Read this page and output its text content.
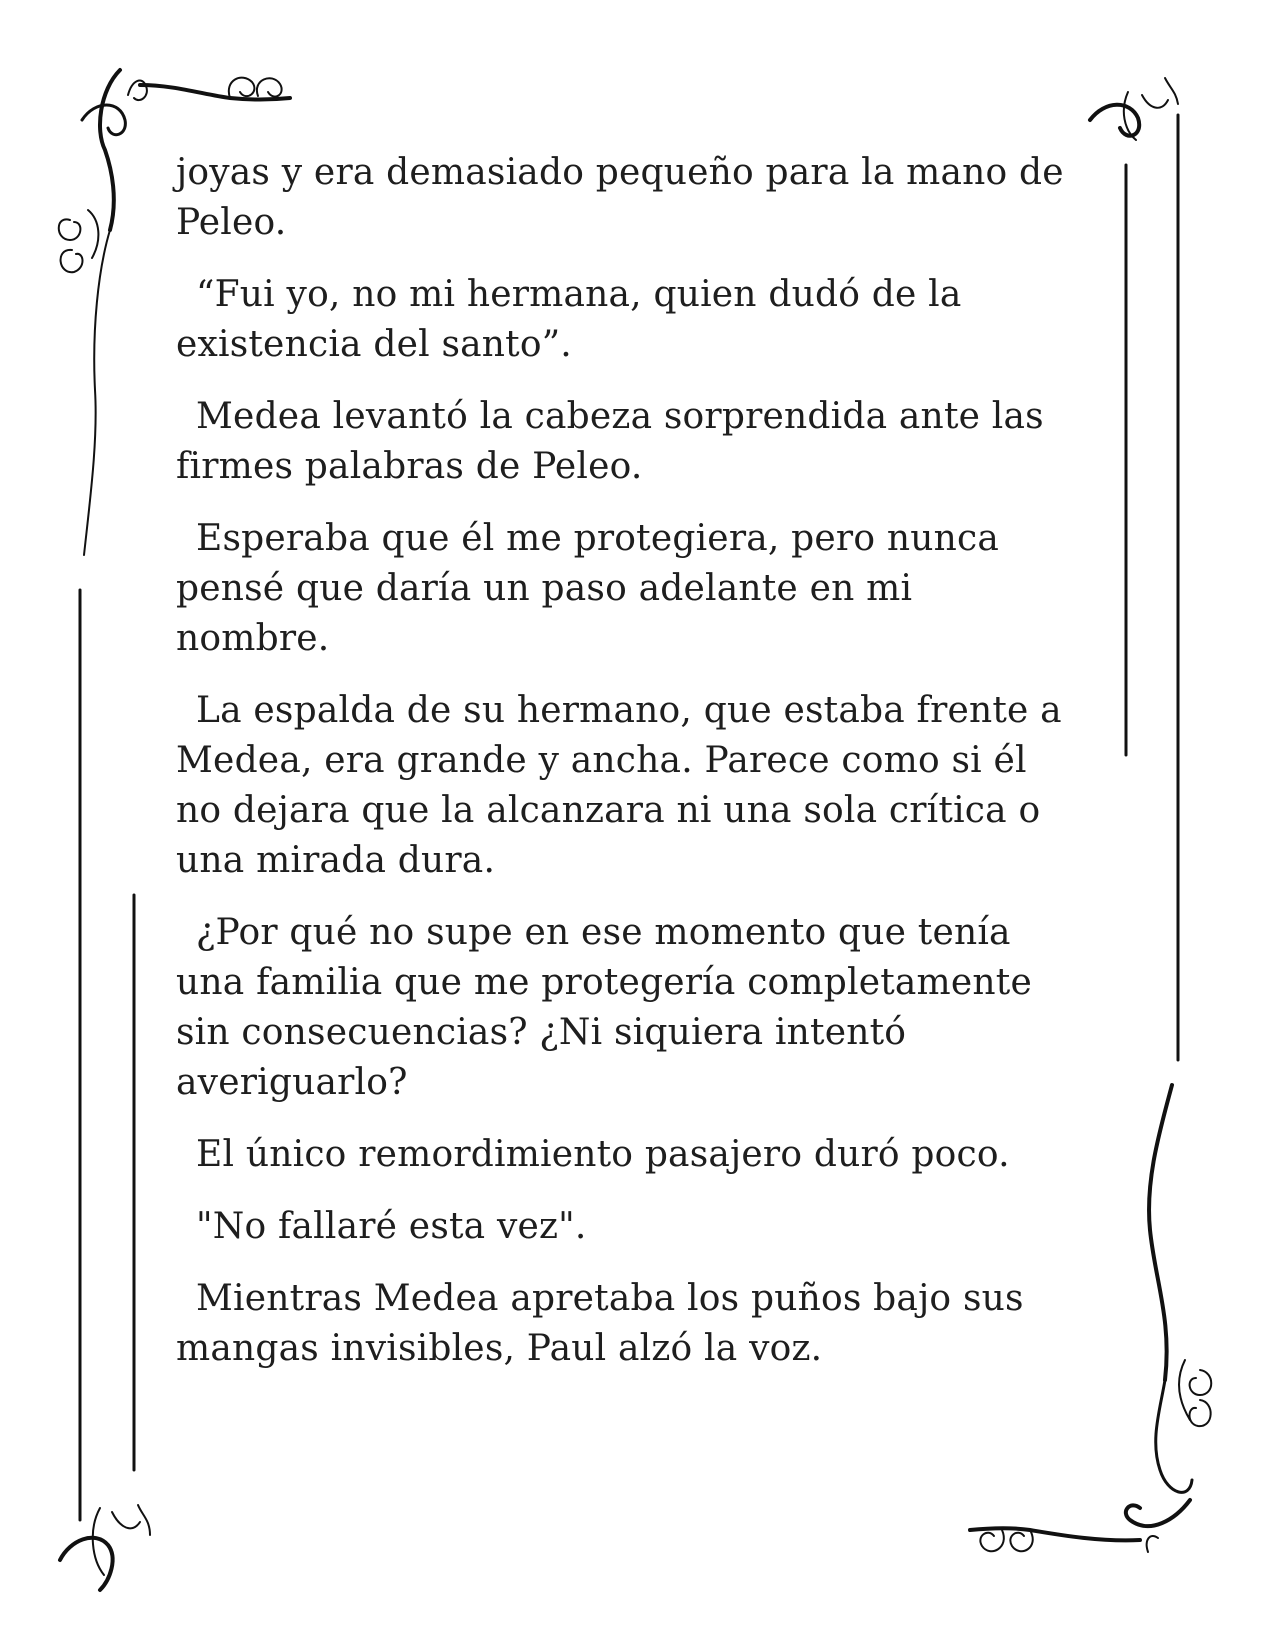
joyas y era demasiado pequeño para la mano de
Peleo.

“Fui yo, no mi hermana, quien dudó de la
existencia del santo”.

Medea levantó la cabeza sorprendida ante las
firmes palabras de Peleo.

Esperaba que él me protegiera, pero nunca
pensé que daría un paso adelante en mi
nombre.

La espalda de su hermano, que estaba frente a
Medea, era grande y ancha. Parece como si él
no dejara que la alcanzara ni una sola crítica o
una mirada dura.

¿Por qué no supe en ese momento que tenía
una familia que me protegería completamente
sin consecuencias? ¿Ni siquiera intentó
averiguarlo?

El único remordimiento pasajero duró poco.

"No fallaré esta vez".

Mientras Medea apretaba los puños bajo sus
mangas invisibles, Paul alzó la voz.
